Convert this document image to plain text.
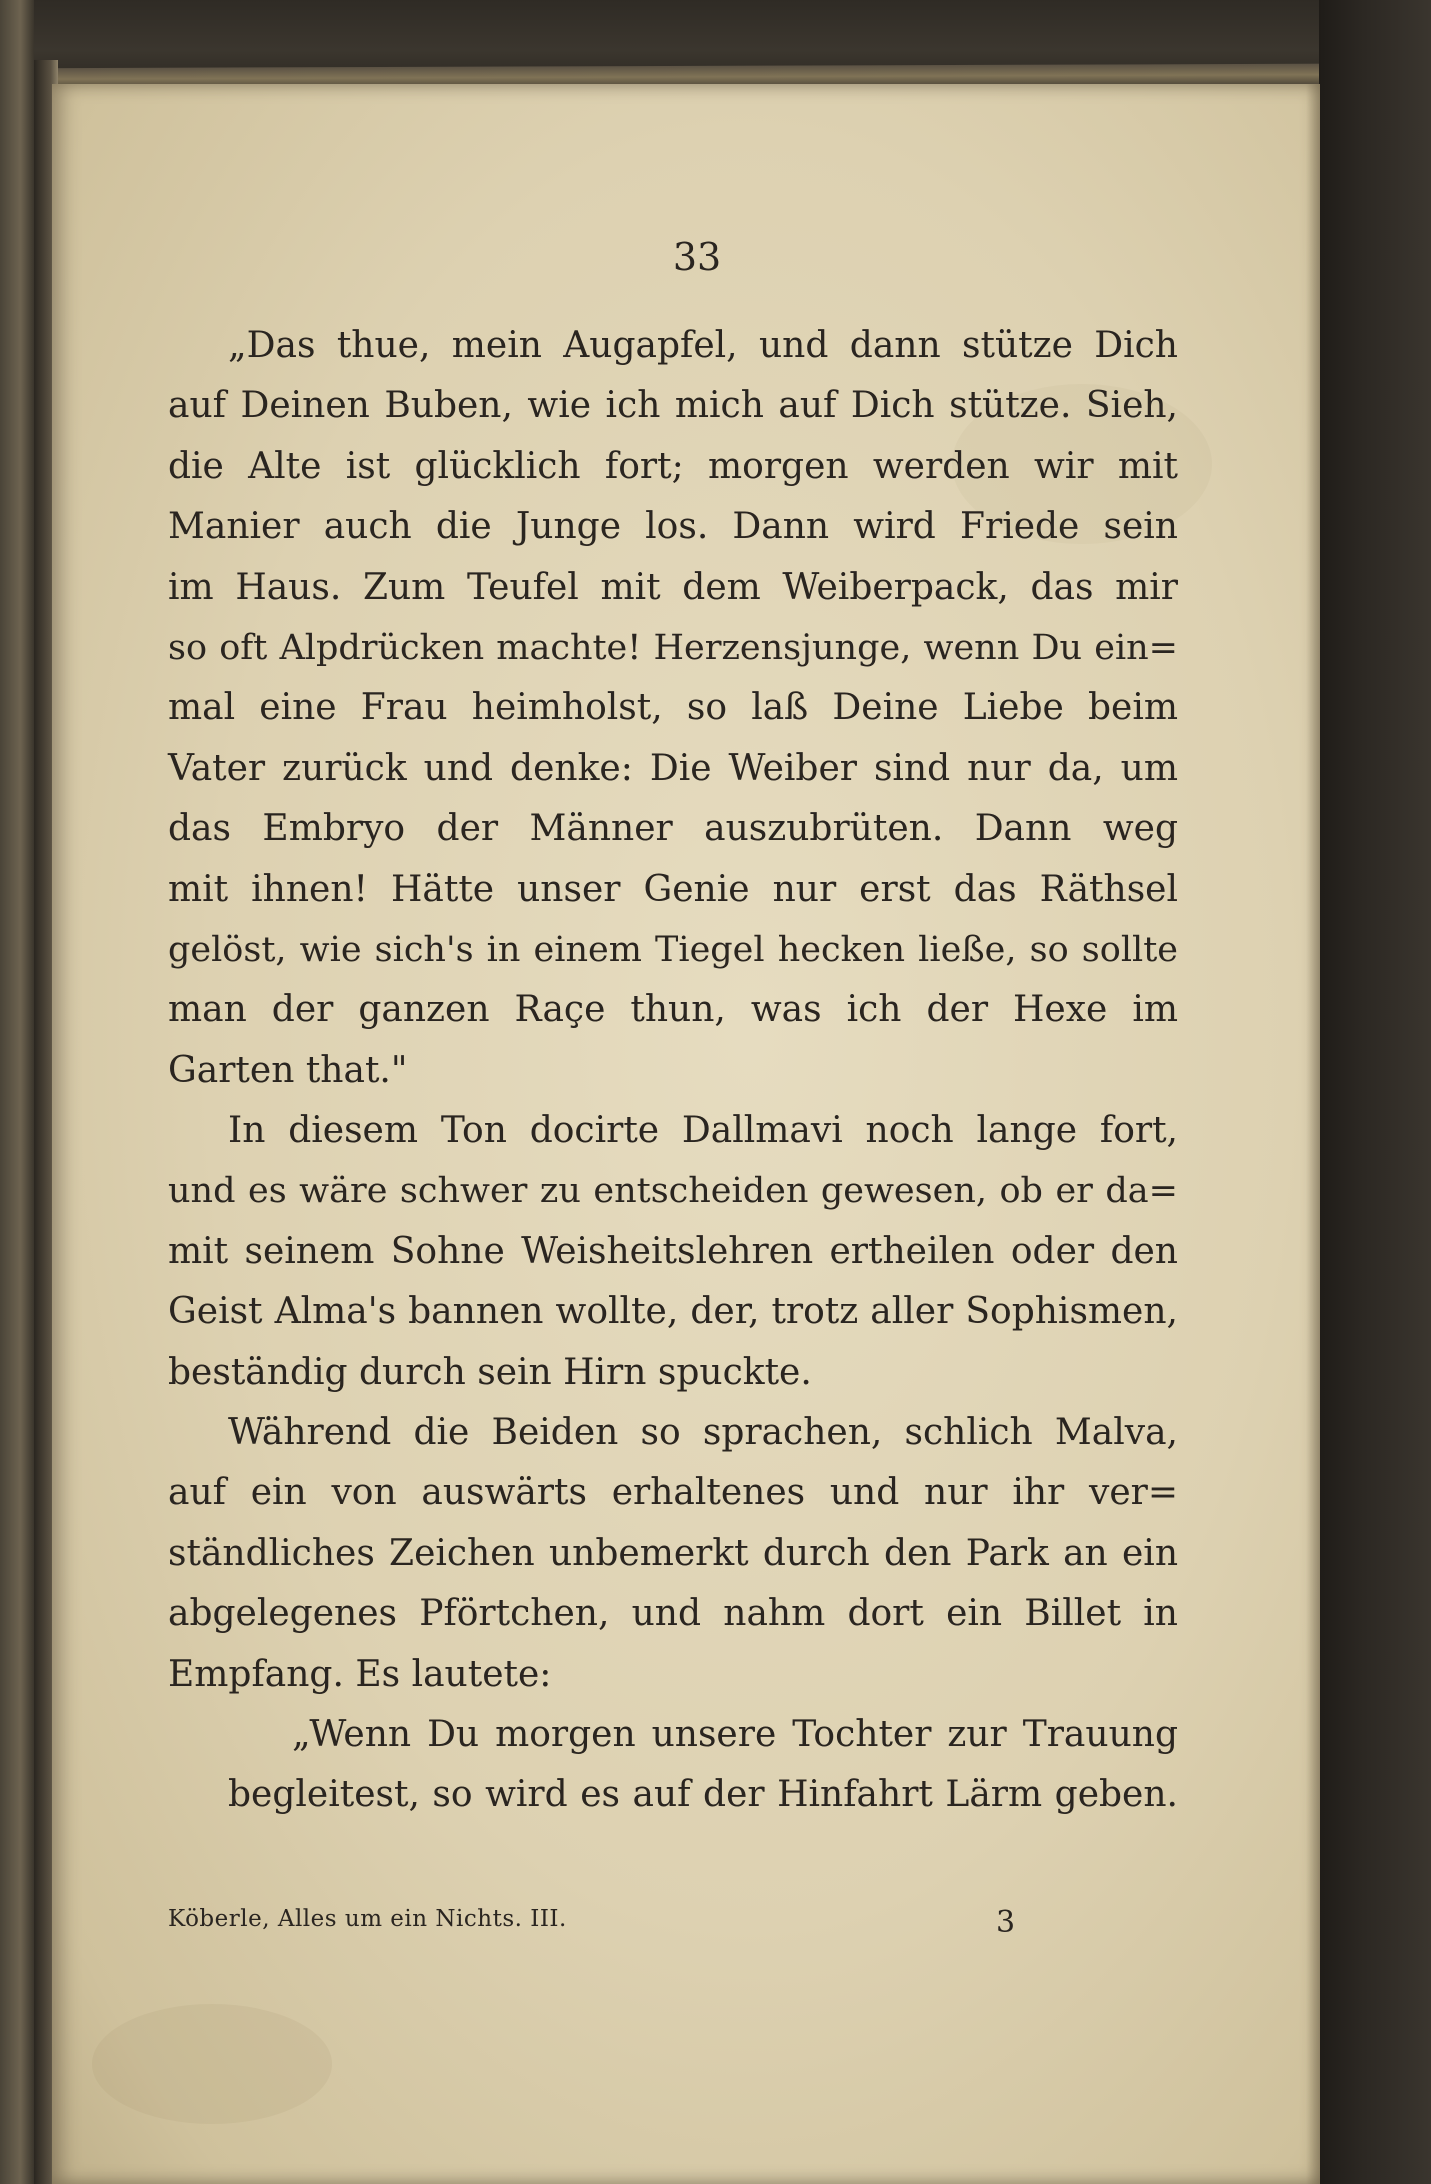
33
„Das thue, mein Augapfel, und dann stütze Dich
auf Deinen Buben, wie ich mich auf Dich stütze. Sieh,
die Alte ist glücklich fort; morgen werden wir mit
Manier auch die Junge los. Dann wird Friede sein
im Haus. Zum Teufel mit dem Weiberpack, das mir
so oft Alpdrücken machte! Herzensjunge, wenn Du ein=
mal eine Frau heimholst, so laß Deine Liebe beim
Vater zurück und denke: Die Weiber sind nur da, um
das Embryo der Männer auszubrüten. Dann weg
mit ihnen! Hätte unser Genie nur erst das Räthsel
gelöst, wie sich's in einem Tiegel hecken ließe, so sollte
man der ganzen Raçe thun, was ich der Hexe im
Garten that."
In diesem Ton docirte Dallmavi noch lange fort,
und es wäre schwer zu entscheiden gewesen, ob er da=
mit seinem Sohne Weisheitslehren ertheilen oder den
Geist Alma's bannen wollte, der, trotz aller Sophismen,
beständig durch sein Hirn spuckte.
Während die Beiden so sprachen, schlich Malva,
auf ein von auswärts erhaltenes und nur ihr ver=
ständliches Zeichen unbemerkt durch den Park an ein
abgelegenes Pförtchen, und nahm dort ein Billet in
Empfang. Es lautete:
„Wenn Du morgen unsere Tochter zur Trauung
begleitest, so wird es auf der Hinfahrt Lärm geben.
Köberle, Alles um ein Nichts. III.	3
